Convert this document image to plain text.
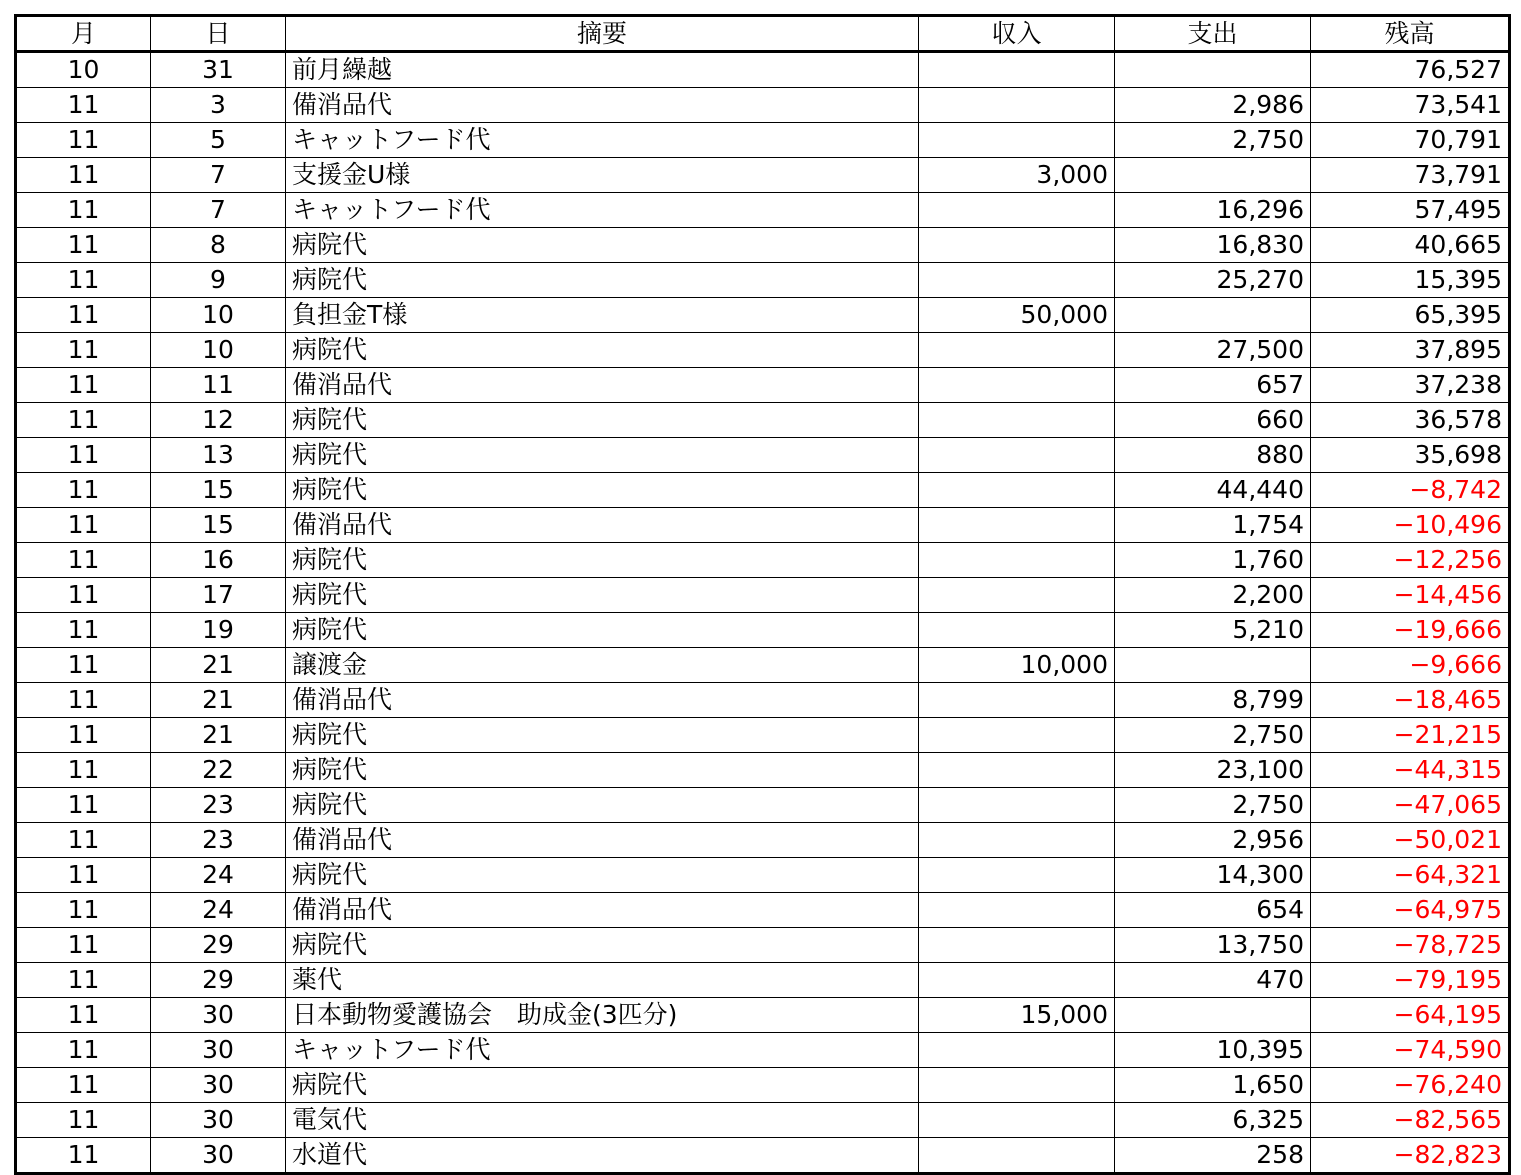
月	日	摘要	収入	支出	残高
10	31	前月繰越			76,527
11	3	備消品代		2,986	73,541
11	5	キャットフード代		2,750	70,791
11	7	支援金U様	3,000		73,791
11	7	キャットフード代		16,296	57,495
11	8	病院代		16,830	40,665
11	9	病院代		25,270	15,395
11	10	負担金T様	50,000		65,395
11	10	病院代		27,500	37,895
11	11	備消品代		657	37,238
11	12	病院代		660	36,578
11	13	病院代		880	35,698
11	15	病院代		44,440	−8,742
11	15	備消品代		1,754	−10,496
11	16	病院代		1,760	−12,256
11	17	病院代		2,200	−14,456
11	19	病院代		5,210	−19,666
11	21	譲渡金	10,000		−9,666
11	21	備消品代		8,799	−18,465
11	21	病院代		2,750	−21,215
11	22	病院代		23,100	−44,315
11	23	病院代		2,750	−47,065
11	23	備消品代		2,956	−50,021
11	24	病院代		14,300	−64,321
11	24	備消品代		654	−64,975
11	29	病院代		13,750	−78,725
11	29	薬代		470	−79,195
11	30	日本動物愛護協会　助成金(3匹分)	15,000		−64,195
11	30	キャットフード代		10,395	−74,590
11	30	病院代		1,650	−76,240
11	30	電気代		6,325	−82,565
11	30	水道代		258	−82,823
